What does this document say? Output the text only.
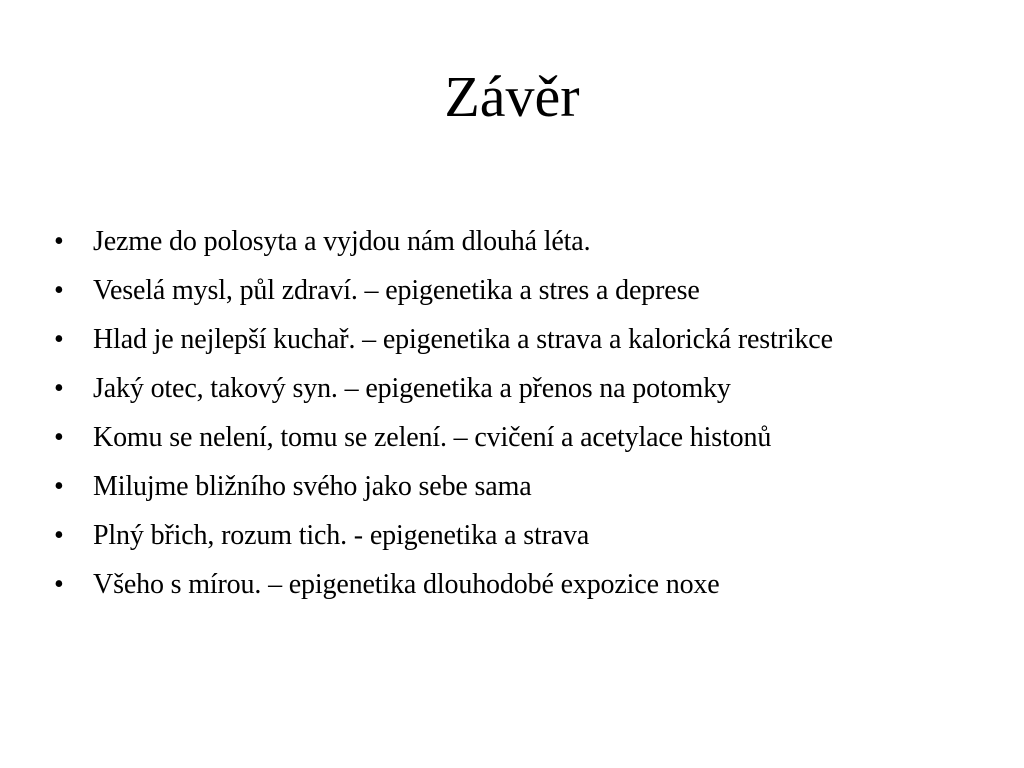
Závěr
• Jezme do polosyta a vyjdou nám dlouhá léta.
• Veselá mysl, půl zdraví. – epigenetika a stres a deprese
• Hlad je nejlepší kuchař. – epigenetika a strava a kalorická restrikce
• Jaký otec, takový syn. – epigenetika a přenos na potomky
• Komu se nelení, tomu se zelení. – cvičení a acetylace histonů
• Milujme bližního svého jako sebe sama
• Plný břich, rozum tich. - epigenetika a strava
• Všeho s mírou. – epigenetika dlouhodobé expozice noxe
